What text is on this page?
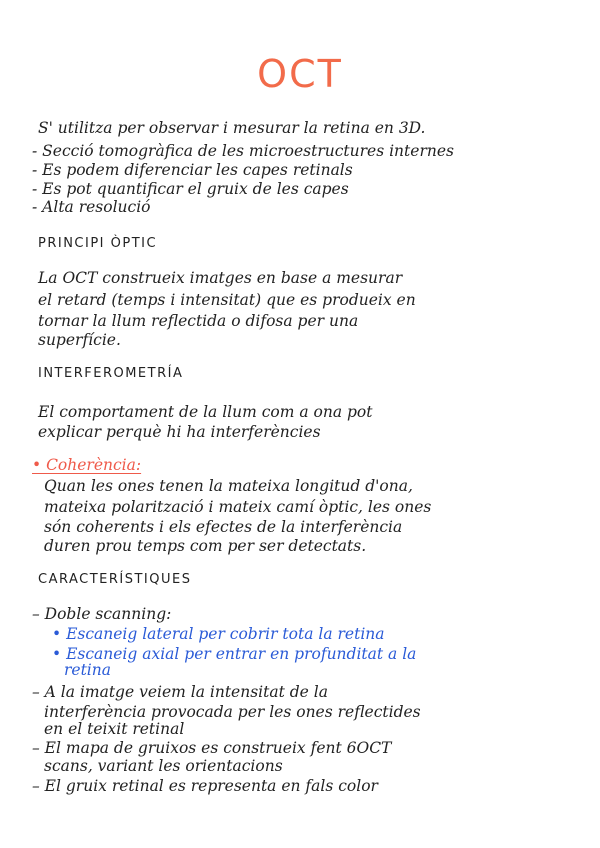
OCT
S' utilitza per observar i mesurar la retina en 3D.
- Secció tomogràfica de les microestructures internes
- Es podem diferenciar les capes retinals
- Es pot quantificar el gruix de les capes
- Alta resolució
PRINCIPI ÒPTIC
La OCT construeix imatges en base a mesurar
el retard (temps i intensitat) que es produeix en
tornar la llum reflectida o difosa per una
superfície.
INTERFEROMETRÍA
El comportament de la llum com a ona pot
explicar perquè hi ha interferències
• Coherència:
Quan les ones tenen la mateixa longitud d'ona,
mateixa polarització i mateix camí òptic, les ones
són coherents i els efectes de la interferència
duren prou temps com per ser detectats.
CARACTERÍSTIQUES
– Doble scanning:
• Escaneig lateral per cobrir tota la retina
• Escaneig axial per entrar en profunditat a la
retina
– A la imatge veiem la intensitat de la
interferència provocada per les ones reflectides
en el teixit retinal
– El mapa de gruixos es construeix fent 6OCT
scans, variant les orientacions
– El gruix retinal es representa en fals color
